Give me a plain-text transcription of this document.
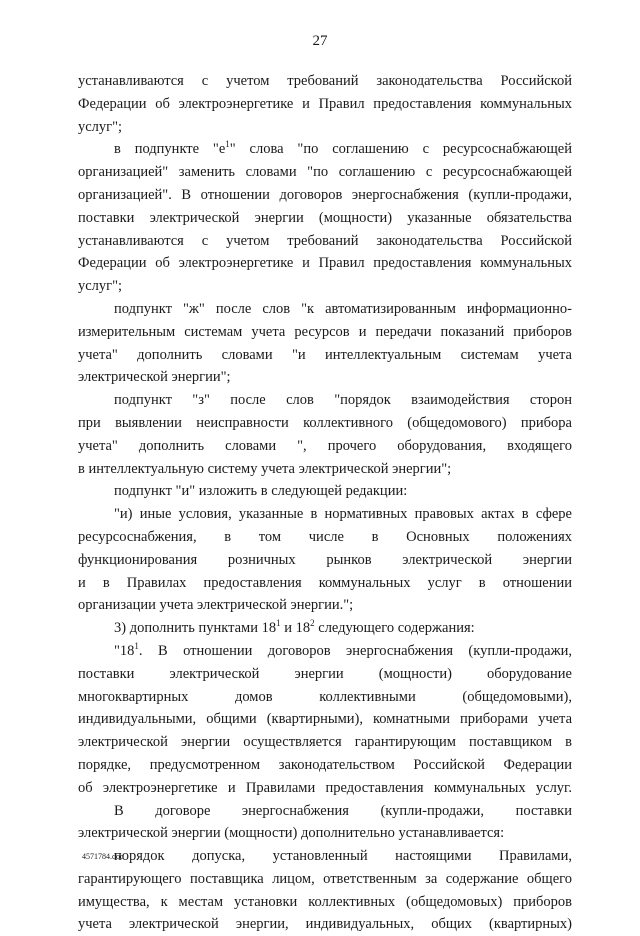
27
устанавливаются с учетом требований законодательства Российской
Федерации об электроэнергетике и Правил предоставления коммунальных
услуг";
в подпункте "$е^1$" слова "по соглашению с ресурсоснабжающей
организацией" заменить словами "по соглашению с ресурсоснабжающей
организацией". В отношении договоров энергоснабжения (купли-продажи,
поставки электрической энергии (мощности) указанные обязательства
устанавливаются с учетом требований законодательства Российской
Федерации об электроэнергетике и Правил предоставления коммунальных
услуг";
подпункт "ж" после слов "к автоматизированным информационно-
измерительным системам учета ресурсов и передачи показаний приборов
учета" дополнить словами "и интеллектуальным системам учета
электрической энергии";
подпункт "з" после слов "порядок взаимодействия сторон
при выявлении неисправности коллективного (общедомового) прибора
учета" дополнить словами ", прочего оборудования, входящего
в интеллектуальную систему учета электрической энергии";
подпункт "и" изложить в следующей редакции:
"и) иные условия, указанные в нормативных правовых актах в сфере
ресурсоснабжения, в том числе в Основных положениях
функционирования розничных рынков электрической энергии
и в Правилах предоставления коммунальных услуг в отношении
организации учета электрической энергии.";
3) дополнить пунктами $18^1$ и $18^2$ следующего содержания:
"$18^1$. В отношении договоров энергоснабжения (купли-продажи,
поставки электрической энергии (мощности) оборудование
многоквартирных домов коллективными (общедомовыми),
индивидуальными, общими (квартирными), комнатными приборами учета
электрической энергии осуществляется гарантирующим поставщиком в
порядке, предусмотренном законодательством Российской Федерации
об электроэнергетике и Правилами предоставления коммунальных услуг.
В договоре энергоснабжения (купли-продажи, поставки
электрической энергии (мощности) дополнительно устанавливается:
порядок допуска, установленный настоящими Правилами,
гарантирующего поставщика лицом, ответственным за содержание общего
имущества, к местам установки коллективных (общедомовых) приборов
учета электрической энергии, индивидуальных, общих (квартирных)
4571784.doc
